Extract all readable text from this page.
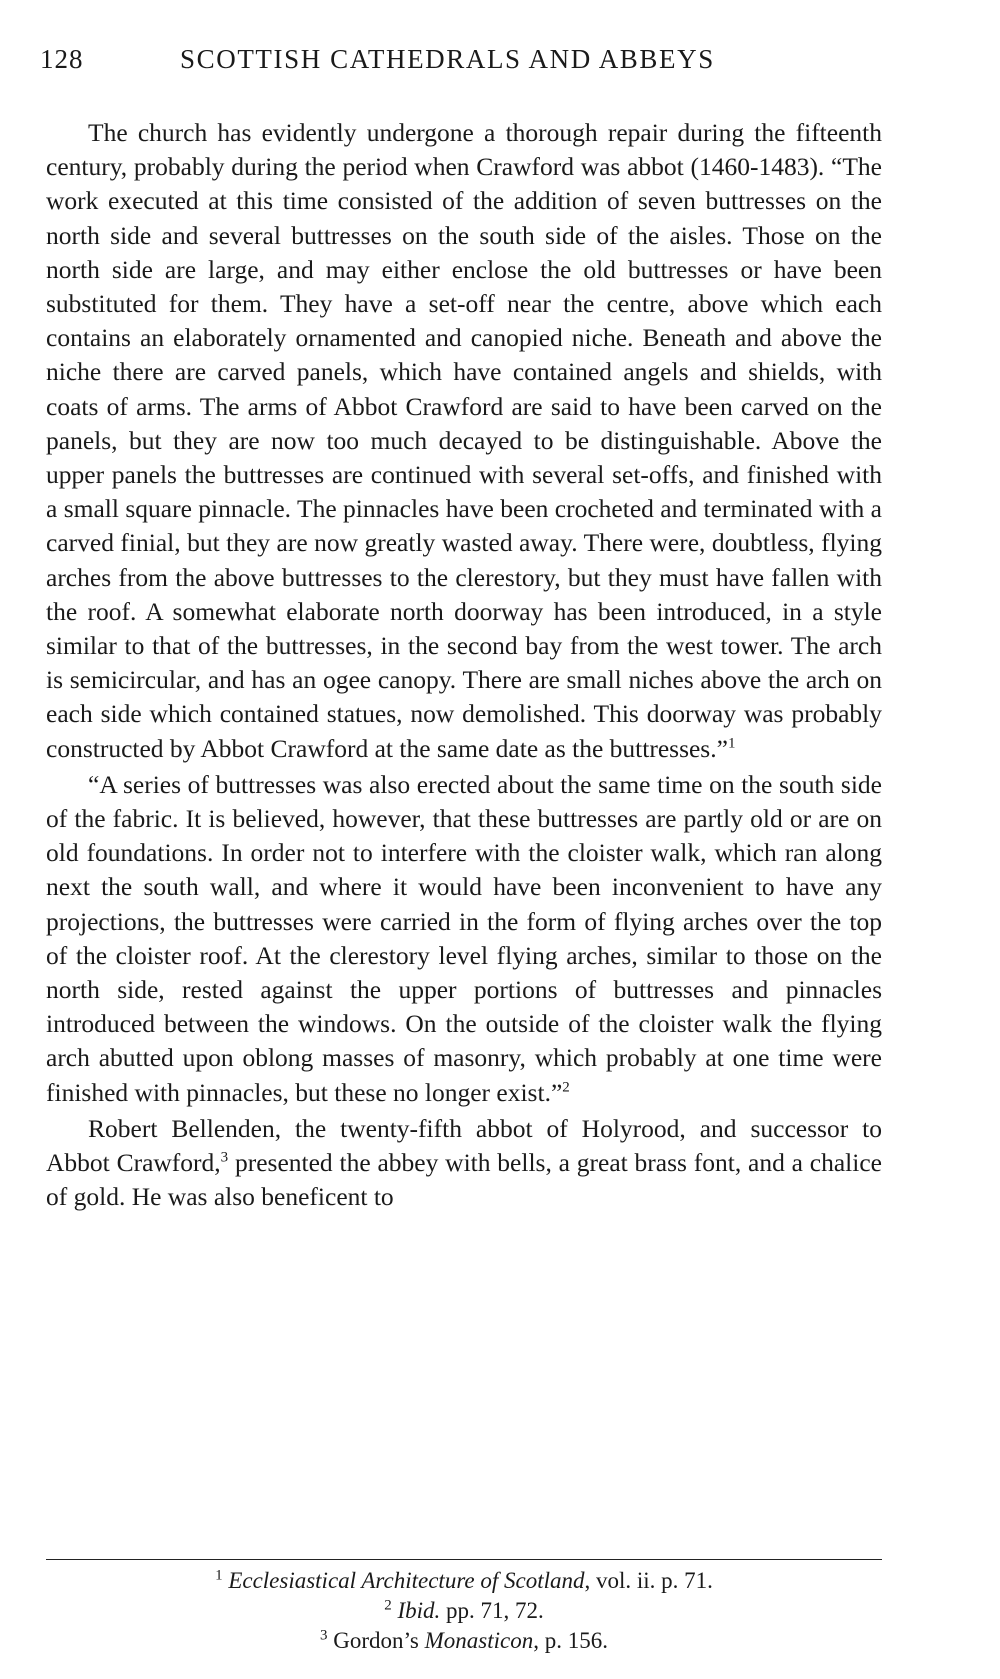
128	SCOTTISH CATHEDRALS AND ABBEYS

The church has evidently undergone a thorough repair during the fifteenth century, probably during the period when Crawford was abbot (1460-1483). “The work executed at this time consisted of the addition of seven buttresses on the north side and several buttresses on the south side of the aisles. Those on the north side are large, and may either enclose the old buttresses or have been substituted for them. They have a set-off near the centre, above which each contains an elaborately ornamented and canopied niche. Beneath and above the niche there are carved panels, which have contained angels and shields, with coats of arms. The arms of Abbot Crawford are said to have been carved on the panels, but they are now too much decayed to be distinguishable. Above the upper panels the buttresses are continued with several set-offs, and finished with a small square pinnacle. The pinnacles have been crocheted and terminated with a carved finial, but they are now greatly wasted away. There were, doubtless, flying arches from the above buttresses to the clerestory, but they must have fallen with the roof. A somewhat elaborate north doorway has been introduced, in a style similar to that of the buttresses, in the second bay from the west tower. The arch is semicircular, and has an ogee canopy. There are small niches above the arch on each side which contained statues, now demolished. This doorway was probably constructed by Abbot Crawford at the same date as the buttresses.”$^1$

“A series of buttresses was also erected about the same time on the south side of the fabric. It is believed, however, that these buttresses are partly old or are on old foundations. In order not to interfere with the cloister walk, which ran along next the south wall, and where it would have been inconvenient to have any projections, the buttresses were carried in the form of flying arches over the top of the cloister roof. At the clerestory level flying arches, similar to those on the north side, rested against the upper portions of buttresses and pinnacles introduced between the windows. On the outside of the cloister walk the flying arch abutted upon oblong masses of masonry, which probably at one time were finished with pinnacles, but these no longer exist.”$^2$

Robert Bellenden, the twenty-fifth abbot of Holyrood, and successor to Abbot Crawford,$^3$ presented the abbey with bells, a great brass font, and a chalice of gold. He was also beneficent to

$^1$ Ecclesiastical Architecture of Scotland, vol. ii. p. 71.

$^2$ Ibid. pp. 71, 72.

$^3$ Gordon’s Monasticon, p. 156.
